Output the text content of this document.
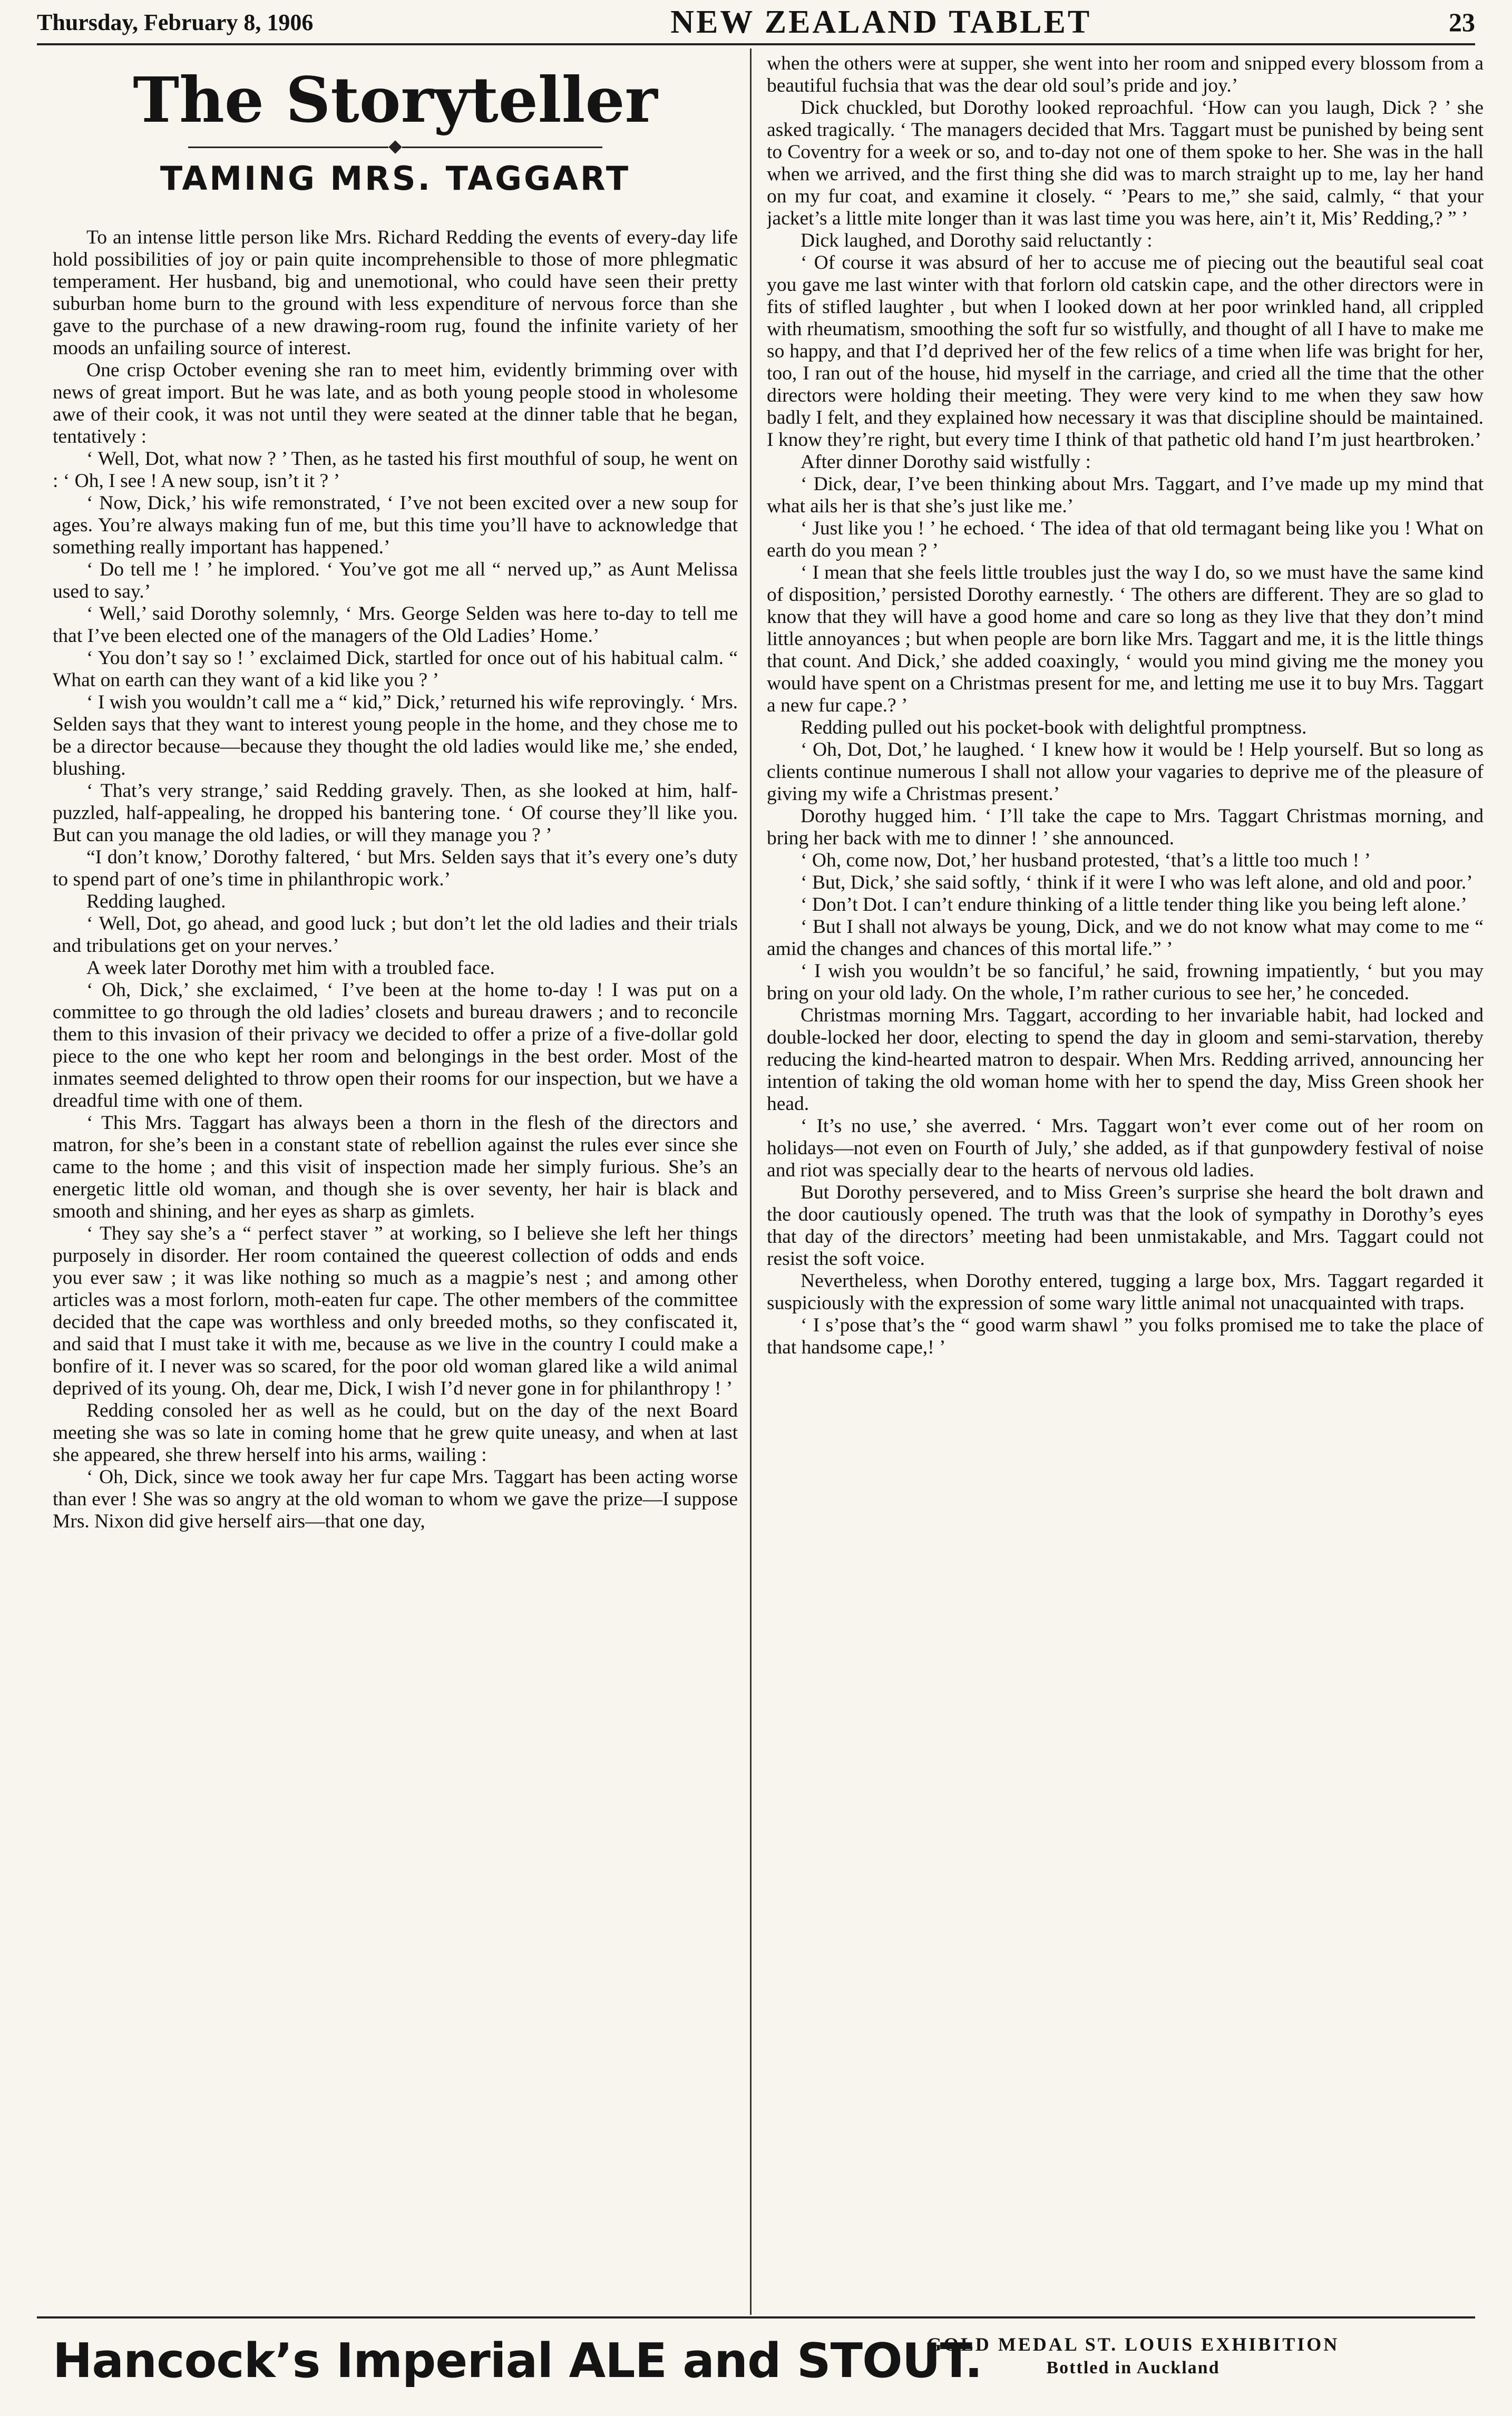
Thursday, February 8, 1906	NEW ZEALAND TABLET	23
The Storyteller
TAMING MRS. TAGGART

To an intense little person like Mrs. Richard Redding the events of every-day life hold possibilities of joy or pain quite incomprehensible to those of more phlegmatic temperament. Her husband, big and unemotional, who could have seen their pretty suburban home burn to the ground with less expenditure of nervous force than she gave to the purchase of a new drawing-room rug, found the infinite variety of her moods an unfailing source of interest.

One crisp October evening she ran to meet him, evidently brimming over with news of great import. But he was late, and as both young people stood in wholesome awe of their cook, it was not until they were seated at the dinner table that he began, tentatively :

‘ Well, Dot, what now ? ’ Then, as he tasted his first mouthful of soup, he went on : ‘ Oh, I see ! A new soup, isn’t it ? ’

‘ Now, Dick,’ his wife remonstrated, ‘ I’ve not been excited over a new soup for ages. You’re always making fun of me, but this time you’ll have to acknowledge that something really important has happened.’

‘ Do tell me ! ’ he implored. ‘ You’ve got me all “ nerved up,” as Aunt Melissa used to say.’

‘ Well,’ said Dorothy solemnly, ‘ Mrs. George Selden was here to-day to tell me that I’ve been elected one of the managers of the Old Ladies’ Home.’

‘ You don’t say so ! ’ exclaimed Dick, startled for once out of his habitual calm. “ What on earth can they want of a kid like you ? ’

‘ I wish you wouldn’t call me a “ kid,” Dick,’ returned his wife reprovingly. ‘ Mrs. Selden says that they want to interest young people in the home, and they chose me to be a director because—because they thought the old ladies would like me,’ she ended, blushing.

‘ That’s very strange,’ said Redding gravely. Then, as she looked at him, half-puzzled, half-appealing, he dropped his bantering tone. ‘ Of course they’ll like you. But can you manage the old ladies, or will they manage you ? ’

“I don’t know,’ Dorothy faltered, ‘ but Mrs. Selden says that it’s every one’s duty to spend part of one’s time in philanthropic work.’

Redding laughed.

‘ Well, Dot, go ahead, and good luck ; but don’t let the old ladies and their trials and tribulations get on your nerves.’

A week later Dorothy met him with a troubled face.

‘ Oh, Dick,’ she exclaimed, ‘ I’ve been at the home to-day ! I was put on a committee to go through the old ladies’ closets and bureau drawers ; and to reconcile them to this invasion of their privacy we decided to offer a prize of a five-dollar gold piece to the one who kept her room and belongings in the best order. Most of the inmates seemed delighted to throw open their rooms for our inspection, but we have a dreadful time with one of them.

‘ This Mrs. Taggart has always been a thorn in the flesh of the directors and matron, for she’s been in a constant state of rebellion against the rules ever since she came to the home ; and this visit of inspection made her simply furious. She’s an energetic little old woman, and though she is over seventy, her hair is black and smooth and shining, and her eyes as sharp as gimlets.

‘ They say she’s a “ perfect staver ” at working, so I believe she left her things purposely in disorder. Her room contained the queerest collection of odds and ends you ever saw ; it was like nothing so much as a magpie’s nest ; and among other articles was a most forlorn, moth-eaten fur cape. The other members of the committee decided that the cape was worthless and only breeded moths, so they confiscated it, and said that I must take it with me, because as we live in the country I could make a bonfire of it. I never was so scared, for the poor old woman glared like a wild animal deprived of its young. Oh, dear me, Dick, I wish I’d never gone in for philanthropy ! ’

Redding consoled her as well as he could, but on the day of the next Board meeting she was so late in coming home that he grew quite uneasy, and when at last she appeared, she threw herself into his arms, wailing :

‘ Oh, Dick, since we took away her fur cape Mrs. Taggart has been acting worse than ever ! She was so angry at the old woman to whom we gave the prize—I suppose Mrs. Nixon did give herself airs—that one day,

when the others were at supper, she went into her room and snipped every blossom from a beautiful fuchsia that was the dear old soul’s pride and joy.’

Dick chuckled, but Dorothy looked reproachful. ‘How can you laugh, Dick ? ’ she asked tragically. ‘ The managers decided that Mrs. Taggart must be punished by being sent to Coventry for a week or so, and to-day not one of them spoke to her. She was in the hall when we arrived, and the first thing she did was to march straight up to me, lay her hand on my fur coat, and examine it closely. “ ’Pears to me,” she said, calmly, “ that your jacket’s a little mite longer than it was last time you was here, ain’t it, Mis’ Redding,? ” ’

Dick laughed, and Dorothy said reluctantly :

‘ Of course it was absurd of her to accuse me of piecing out the beautiful seal coat you gave me last winter with that forlorn old catskin cape, and the other directors were in fits of stifled laughter , but when I looked down at her poor wrinkled hand, all crippled with rheumatism, smoothing the soft fur so wistfully, and thought of all I have to make me so happy, and that I’d deprived her of the few relics of a time when life was bright for her, too, I ran out of the house, hid myself in the carriage, and cried all the time that the other directors were holding their meeting. They were very kind to me when they saw how badly I felt, and they explained how necessary it was that discipline should be maintained. I know they’re right, but every time I think of that pathetic old hand I’m just heartbroken.’

After dinner Dorothy said wistfully :

‘ Dick, dear, I’ve been thinking about Mrs. Taggart, and I’ve made up my mind that what ails her is that she’s just like me.’

‘ Just like you ! ’ he echoed. ‘ The idea of that old termagant being like you ! What on earth do you mean ? ’

‘ I mean that she feels little troubles just the way I do, so we must have the same kind of disposition,’ persisted Dorothy earnestly. ‘ The others are different. They are so glad to know that they will have a good home and care so long as they live that they don’t mind little annoyances ; but when people are born like Mrs. Taggart and me, it is the little things that count. And Dick,’ she added coaxingly, ‘ would you mind giving me the money you would have spent on a Christmas present for me, and letting me use it to buy Mrs. Taggart a new fur cape.? ’

Redding pulled out his pocket-book with delightful promptness.

‘ Oh, Dot, Dot,’ he laughed. ‘ I knew how it would be ! Help yourself. But so long as clients continue numerous I shall not allow your vagaries to deprive me of the pleasure of giving my wife a Christmas present.’

Dorothy hugged him. ‘ I’ll take the cape to Mrs. Taggart Christmas morning, and bring her back with me to dinner ! ’ she announced.

‘ Oh, come now, Dot,’ her husband protested, ‘that’s a little too much ! ’

‘ But, Dick,’ she said softly, ‘ think if it were I who was left alone, and old and poor.’

‘ Don’t Dot. I can’t endure thinking of a little tender thing like you being left alone.’

‘ But I shall not always be young, Dick, and we do not know what may come to me “ amid the changes and chances of this mortal life.” ’

‘ I wish you wouldn’t be so fanciful,’ he said, frowning impatiently, ‘ but you may bring on your old lady. On the whole, I’m rather curious to see her,’ he conceded.

Christmas morning Mrs. Taggart, according to her invariable habit, had locked and double-locked her door, electing to spend the day in gloom and semi-starvation, thereby reducing the kind-hearted matron to despair. When Mrs. Redding arrived, announcing her intention of taking the old woman home with her to spend the day, Miss Green shook her head.

‘ It’s no use,’ she averred. ‘ Mrs. Taggart won’t ever come out of her room on holidays—not even on Fourth of July,’ she added, as if that gunpowdery festival of noise and riot was specially dear to the hearts of nervous old ladies.

But Dorothy persevered, and to Miss Green’s surprise she heard the bolt drawn and the door cautiously opened. The truth was that the look of sympathy in Dorothy’s eyes that day of the directors’ meeting had been unmistakable, and Mrs. Taggart could not resist the soft voice.

Nevertheless, when Dorothy entered, tugging a large box, Mrs. Taggart regarded it suspiciously with the expression of some wary little animal not unacquainted with traps.

‘ I s’pose that’s the “ good warm shawl ” you folks promised me to take the place of that handsome cape,! ’

Hancock’s Imperial ALE and STOUT.
GOLD MEDAL ST. LOUIS EXHIBITION
Bottled in Auckland
